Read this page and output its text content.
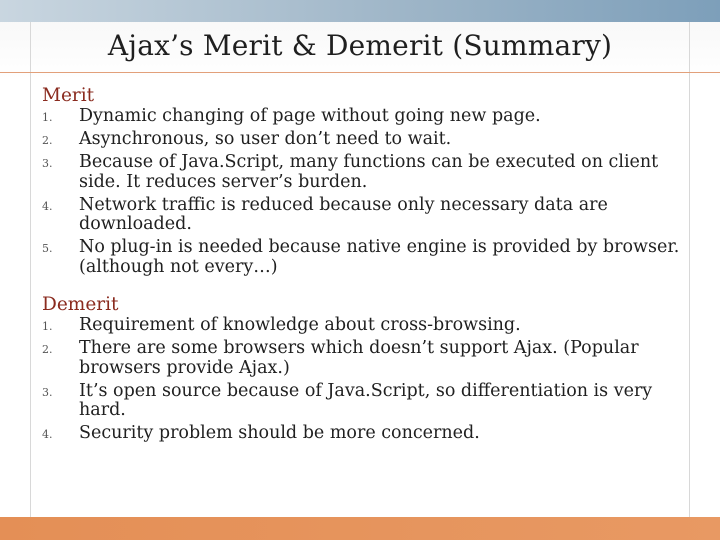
Ajax’s Merit & Demerit (Summary)
Merit
1.	Dynamic changing of page without going new page.
2.	Asynchronous, so user don’t need to wait.
3.	Because of Java.Script, many functions can be executed on client side. It reduces server’s burden.
4.	Network traffic is reduced because only necessary data are downloaded.
5.	No plug-in is needed because native engine is provided by browser. (although not every…)
Demerit
1.	Requirement of knowledge about cross-browsing.
2.	There are some browsers which doesn’t support Ajax. (Popular browsers provide Ajax.)
3.	It’s open source because of Java.Script, so differentiation is very hard.
4.	Security problem should be more concerned.
